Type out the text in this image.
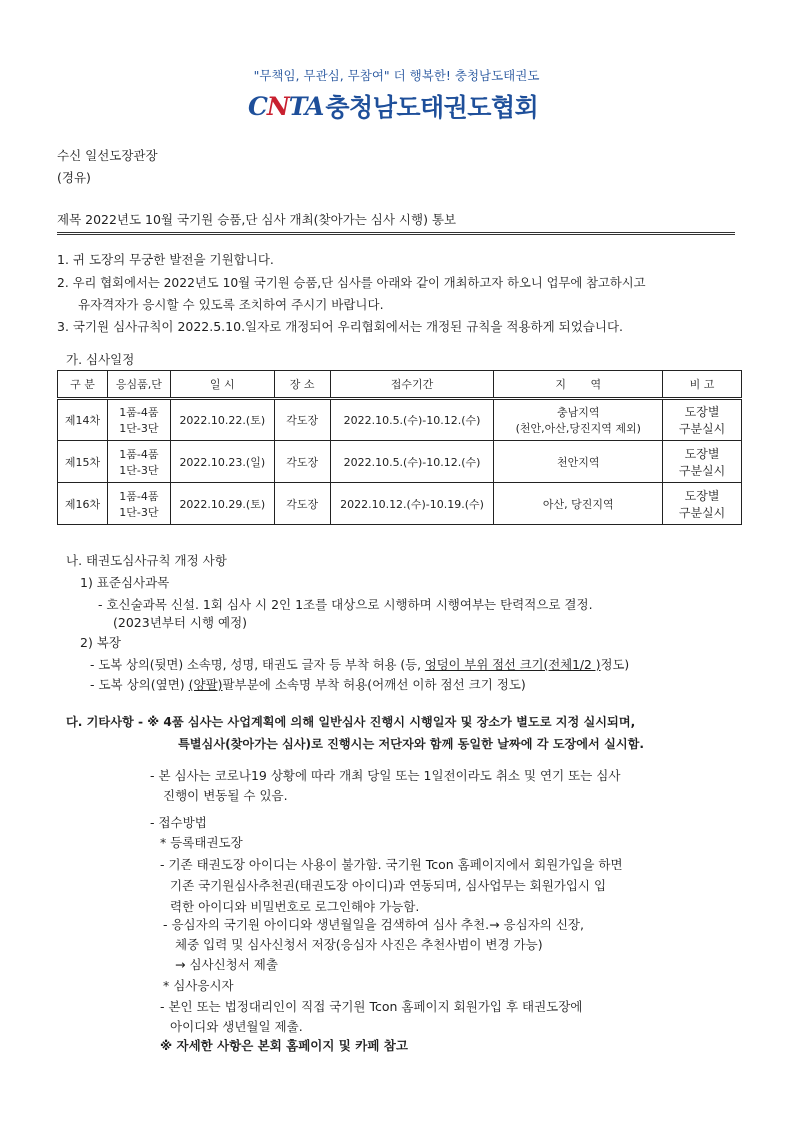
"무책임, 무관심, 무참여" 더 행복한! 충청남도태권도
CNTA 충청남도태권도협회
수신 일선도장관장
(경유)
제목 2022년도 10월 국기원 승품,단 심사 개최(찾아가는 심사 시행) 통보
1. 귀 도장의 무궁한 발전을 기원합니다.
2. 우리 협회에서는 2022년도 10월 국기원 승품,단 심사를 아래와 같이 개최하고자 하오니 업무에 참고하시고
유자격자가 응시할 수 있도록 조치하여 주시기 바랍니다.
3. 국기원 심사규칙이 2022.5.10.일자로 개정되어 우리협회에서는 개정된 규칙을 적용하게 되었습니다.
가. 심사일정
구 분	응심품,단	일 시	장 소	접수기간	지       역	비 고
제14차	1품-4품
1단-3단	2022.10.22.(토)	각도장	2022.10.5.(수)-10.12.(수)	충남지역
(천안,아산,당진지역 제외)	도장별
구분실시

제15차	1품-4품
1단-3단	2022.10.23.(일)	각도장	2022.10.5.(수)-10.12.(수)	천안지역	도장별
구분실시

제16차	1품-4품
1단-3단	2022.10.29.(토)	각도장	2022.10.12.(수)-10.19.(수)	아산, 당진지역	도장별
구분실시
나. 태권도심사규칙 개정 사항
1) 표준심사과목
- 호신술과목 신설. 1회 심사 시 2인 1조를 대상으로 시행하며 시행여부는 탄력적으로 결정.
(2023년부터 시행 예정)
2) 복장
- 도복 상의(뒷면) 소속명, 성명, 태권도 글자 등 부착 허용 (등, 엉덩이 부위 점선 크기(전체1/2 )정도)
- 도복 상의(옆면) (양팔)팔부분에 소속명 부착 허용(어깨선 이하 점선 크기 정도)
다. 기타사항 - ※ 4품 심사는 사업계획에 의해 일반심사 진행시 시행일자 및 장소가 별도로 지정 실시되며,
특별심사(찾아가는 심사)로 진행시는 저단자와 함께 동일한 날짜에 각 도장에서 실시함.
- 본 심사는 코로나19 상황에 따라 개최 당일 또는 1일전이라도 취소 및 연기 또는 심사
진행이 변동될 수 있음.
- 접수방법
* 등록태권도장
- 기존 태권도장 아이디는 사용이 불가함. 국기원 Tcon 홈페이지에서 회원가입을 하면
기존 국기원심사추천권(태권도장 아이디)과 연동되며, 심사업무는 회원가입시 입
력한 아이디와 비밀번호로 로그인해야 가능함.
- 응심자의 국기원 아이디와 생년월일을 검색하여 심사 추천.→ 응심자의 신장,
체중 입력 및 심사신청서 저장(응심자 사진은 추천사범이 변경 가능)
→ 심사신청서 제출
* 심사응시자
- 본인 또는 법정대리인이 직접 국기원 Tcon 홈페이지 회원가입 후 태권도장에
아이디와 생년월일 제출.
※ 자세한 사항은 본회 홈페이지 및 카페 참고
